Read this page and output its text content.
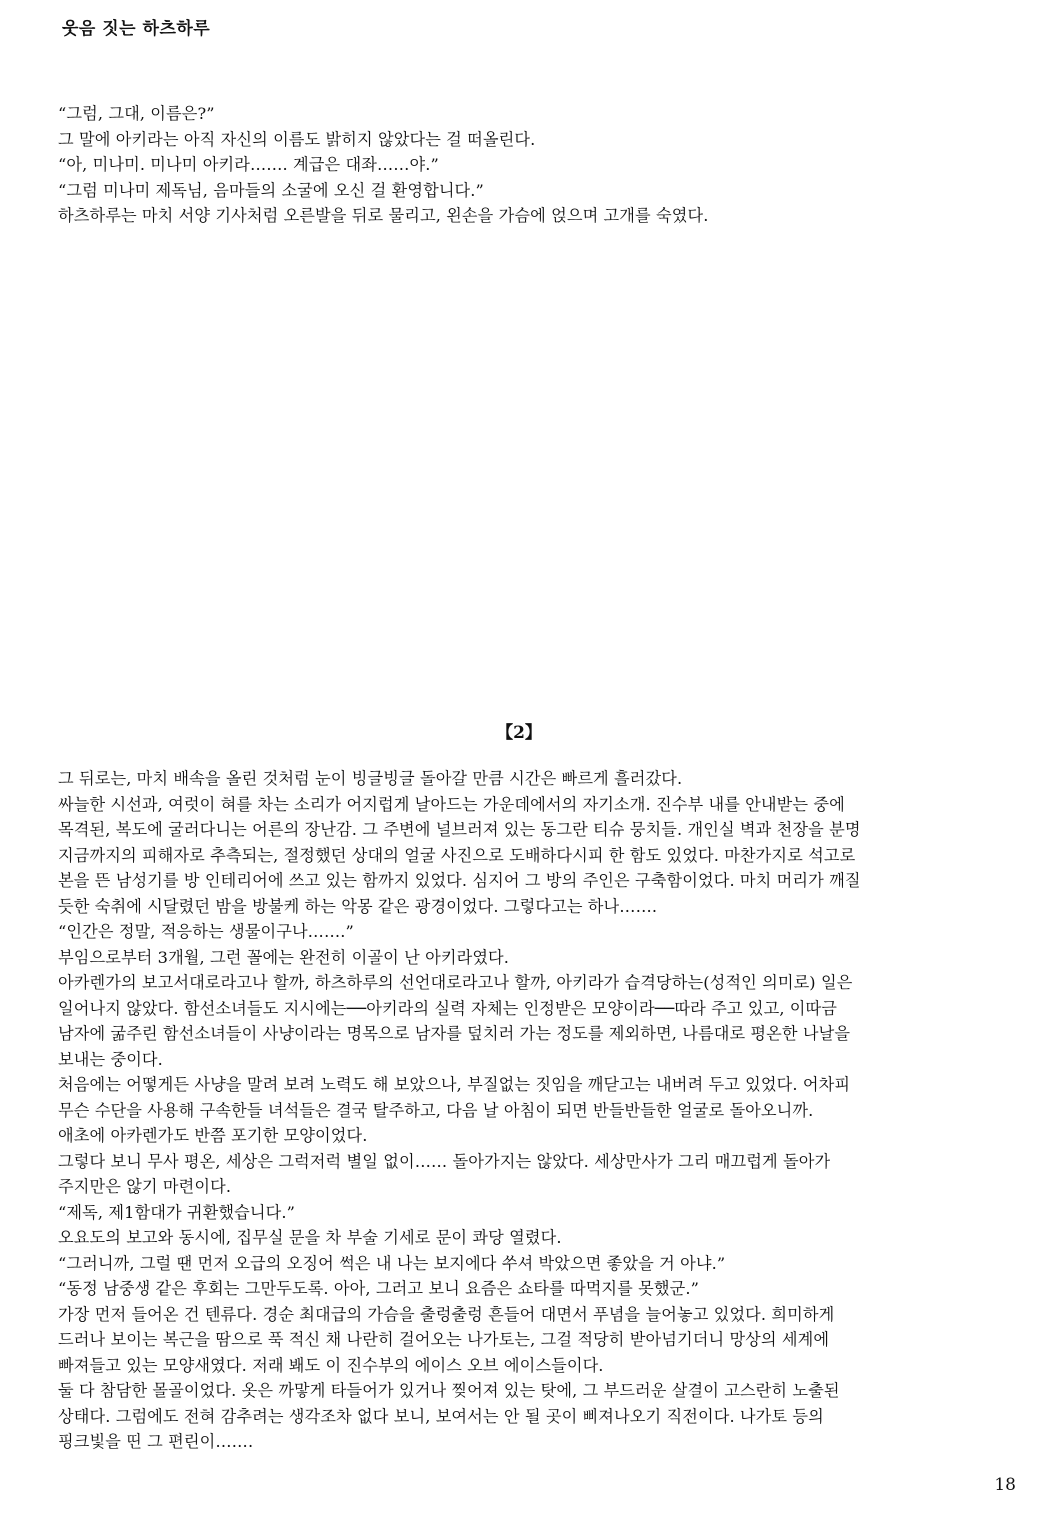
웃음 짓는 하츠하루

“그럼, 그대, 이름은?”

그 말에 아키라는 아직 자신의 이름도 밝히지 않았다는 걸 떠올린다.

“아, 미나미. 미나미 아키라……. 계급은 대좌……야.”

“그럼 미나미 제독님, 음마들의 소굴에 오신 걸 환영합니다.”

하츠하루는 마치 서양 기사처럼 오른발을 뒤로 물리고, 왼손을 가슴에 얹으며 고개를 숙였다.

【2】

그 뒤로는, 마치 배속을 올린 것처럼 눈이 빙글빙글 돌아갈 만큼 시간은 빠르게 흘러갔다.

싸늘한 시선과, 여럿이 혀를 차는 소리가 어지럽게 날아드는 가운데에서의 자기소개. 진수부 내를 안내받는 중에

목격된, 복도에 굴러다니는 어른의 장난감. 그 주변에 널브러져 있는 동그란 티슈 뭉치들. 개인실 벽과 천장을 분명

지금까지의 피해자로 추측되는, 절정했던 상대의 얼굴 사진으로 도배하다시피 한 함도 있었다. 마찬가지로 석고로

본을 뜬 남성기를 방 인테리어에 쓰고 있는 함까지 있었다. 심지어 그 방의 주인은 구축함이었다. 마치 머리가 깨질

듯한 숙취에 시달렸던 밤을 방불케 하는 악몽 같은 광경이었다. 그렇다고는 하나…….

“인간은 정말, 적응하는 생물이구나…….”

부임으로부터 3개월, 그런 꼴에는 완전히 이골이 난 아키라였다.

아카렌가의 보고서대로라고나 할까, 하츠하루의 선언대로라고나 할까, 아키라가 습격당하는(성적인 의미로) 일은

일어나지 않았다. 함선소녀들도 지시에는──아키라의 실력 자체는 인정받은 모양이라──따라 주고 있고, 이따금

남자에 굶주린 함선소녀들이 사냥이라는 명목으로 남자를 덮치러 가는 정도를 제외하면, 나름대로 평온한 나날을

보내는 중이다.

처음에는 어떻게든 사냥을 말려 보려 노력도 해 보았으나, 부질없는 짓임을 깨닫고는 내버려 두고 있었다. 어차피

무슨 수단을 사용해 구속한들 녀석들은 결국 탈주하고, 다음 날 아침이 되면 반들반들한 얼굴로 돌아오니까.

애초에 아카렌가도 반쯤 포기한 모양이었다.

그렇다 보니 무사 평온, 세상은 그럭저럭 별일 없이…… 돌아가지는 않았다. 세상만사가 그리 매끄럽게 돌아가

주지만은 않기 마련이다.

“제독, 제1함대가 귀환했습니다.”

오요도의 보고와 동시에, 집무실 문을 차 부술 기세로 문이 콰당 열렸다.

“그러니까, 그럴 땐 먼저 오급의 오징어 썩은 내 나는 보지에다 쑤셔 박았으면 좋았을 거 아냐.”

“동정 남중생 같은 후회는 그만두도록. 아아, 그러고 보니 요즘은 쇼타를 따먹지를 못했군.”

가장 먼저 들어온 건 텐류다. 경순 최대급의 가슴을 출렁출렁 흔들어 대면서 푸념을 늘어놓고 있었다. 희미하게

드러나 보이는 복근을 땀으로 푹 적신 채 나란히 걸어오는 나가토는, 그걸 적당히 받아넘기더니 망상의 세계에

빠져들고 있는 모양새였다. 저래 봬도 이 진수부의 에이스 오브 에이스들이다.

둘 다 참담한 몰골이었다. 옷은 까맣게 타들어가 있거나 찢어져 있는 탓에, 그 부드러운 살결이 고스란히 노출된

상태다. 그럼에도 전혀 감추려는 생각조차 없다 보니, 보여서는 안 될 곳이 삐져나오기 직전이다. 나가토 등의

핑크빛을 띤 그 편린이…….

18
